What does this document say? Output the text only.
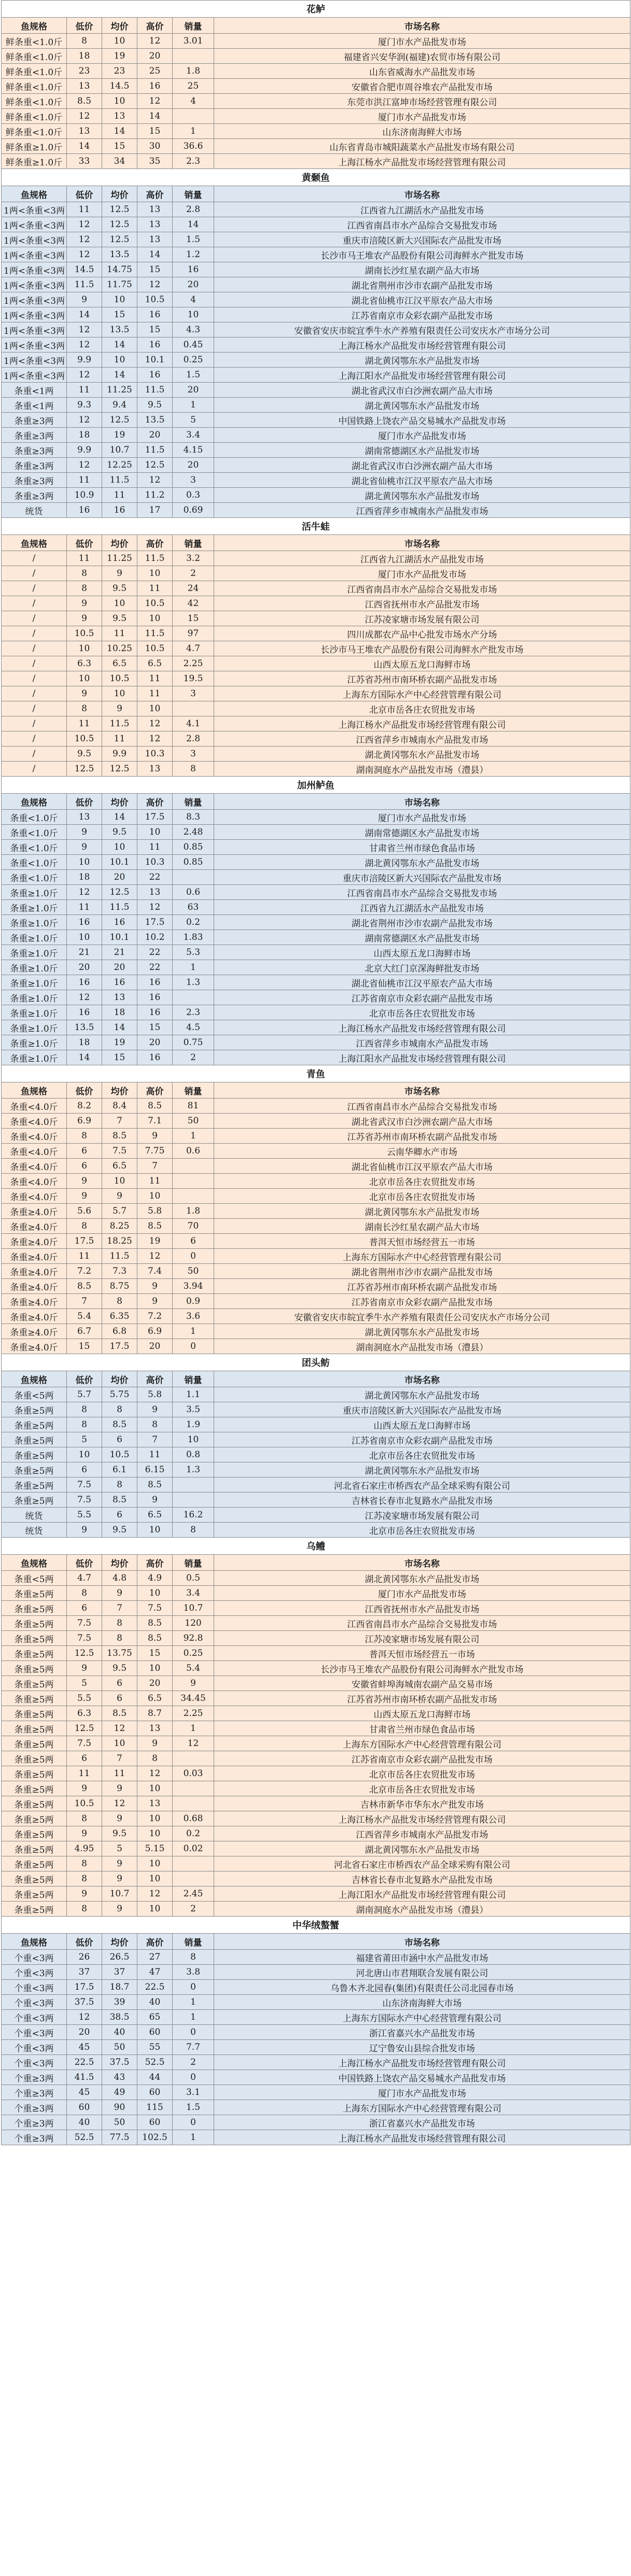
花鲈					
鱼规格	低价	均价	高价	销量	市场名称
鲜条重<1.0斤	8	10	12	3.01	厦门市水产品批发市场
鲜条重<1.0斤	18	19	20		福建省兴安华润(福建)农贸市场有限公司
鲜条重<1.0斤	23	23	25	1.8	山东省威海水产品批发市场
鲜条重<1.0斤	13	14.5	16	25	安徽省合肥市周谷堆农产品批发市场
鲜条重<1.0斤	8.5	10	12	4	东莞市洪江富坤市场经营管理有限公司
鲜条重<1.0斤	12	13	14		厦门市水产品批发市场
鲜条重<1.0斤	13	14	15	1	山东济南海鲜大市场
鲜条重≥1.0斤	14	15	30	36.6	山东省青岛市城阳蔬菜水产品批发市场有限公司
鲜条重≥1.0斤	33	34	35	2.3	上海江杨水产品批发市场经营管理有限公司
黄颡鱼					
鱼规格	低价	均价	高价	销量	市场名称
1两<条重<3两	11	12.5	13	2.8	江西省九江湖活水产品批发市场
1两<条重<3两	12	12.5	13	14	江西省南昌市水产品综合交易批发市场
1两<条重<3两	12	12.5	13	1.5	重庆市涪陵区新大兴国际农产品批发市场
1两<条重<3两	12	13.5	14	1.2	长沙市马王堆农产品股份有限公司海鲜水产批发市场
1两<条重<3两	14.5	14.75	15	16	湖南长沙红星农副产品大市场
1两<条重<3两	11.5	11.75	12	20	湖北省荆州市沙市农副产品批发市场
1两<条重<3两	9	10	10.5	4	湖北省仙桃市江汉平原农产品大市场
1两<条重<3两	14	15	16	10	江苏省南京市众彩农副产品批发市场
1两<条重<3两	12	13.5	15	4.3	安徽省安庆市皖宜季牛水产养殖有限责任公司安庆水产市场分公司
1两<条重<3两	12	14	16	0.45	上海江杨水产品批发市场经营管理有限公司
1两<条重<3两	9.9	10	10.1	0.25	湖北黄冈鄂东水产品批发市场
1两<条重<3两	12	14	16	1.5	上海江阳水产品批发市场经营管理有限公司
条重<1两	11	11.25	11.5	20	湖北省武汉市白沙洲农副产品大市场
条重<1两	9.3	9.4	9.5	1	湖北黄冈鄂东水产品批发市场
条重≥3两	12	12.5	13.5	5	中国铁路上饶农产品交易城水产品批发市场
条重≥3两	18	19	20	3.4	厦门市水产品批发市场
条重≥3两	9.9	10.7	11.5	4.15	湖南常德湖区水产品批发市场
条重≥3两	12	12.25	12.5	20	湖北省武汉市白沙洲农副产品大市场
条重≥3两	11	11.5	12	3	湖北省仙桃市江汉平原农产品大市场
条重≥3两	10.9	11	11.2	0.3	湖北黄冈鄂东水产品批发市场
统货	16	16	17	0.69	江西省萍乡市城南水产品批发市场
活牛蛙					
鱼规格	低价	均价	高价	销量	市场名称
/	11	11.25	11.5	3.2	江西省九江湖活水产品批发市场
/	8	9	10	2	厦门市水产品批发市场
/	8	9.5	11	24	江西省南昌市水产品综合交易批发市场
/	9	10	10.5	42	江西省抚州市水产品批发市场
/	9	9.5	10	15	江苏凌家塘市场发展有限公司
/	10.5	11	11.5	97	四川成都农产品中心批发市场水产分场
/	10	10.25	10.5	4.7	长沙市马王堆农产品股份有限公司海鲜水产批发市场
/	6.3	6.5	6.5	2.25	山西太原五龙口海鲜市场
/	10	10.5	11	19.5	江苏省苏州市南环桥农副产品批发市场
/	9	10	11	3	上海东方国际水产中心经营管理有限公司
/	8	9	10		北京市岳各庄农贸批发市场
/	11	11.5	12	4.1	上海江杨水产品批发市场经营管理有限公司
/	10.5	11	12	2.8	江西省萍乡市城南水产品批发市场
/	9.5	9.9	10.3	3	湖北黄冈鄂东水产品批发市场
/	12.5	12.5	13	8	湖南洞庭水产品批发市场（澧县）
加州鲈鱼					
鱼规格	低价	均价	高价	销量	市场名称
条重<1.0斤	13	14	17.5	8.3	厦门市水产品批发市场
条重<1.0斤	9	9.5	10	2.48	湖南常德湖区水产品批发市场
条重<1.0斤	9	10	11	0.85	甘肃省兰州市绿色食品市场
条重<1.0斤	10	10.1	10.3	0.85	湖北黄冈鄂东水产品批发市场
条重<1.0斤	18	20	22		重庆市涪陵区新大兴国际农产品批发市场
条重≥1.0斤	12	12.5	13	0.6	江西省南昌市水产品综合交易批发市场
条重≥1.0斤	11	11.5	12	63	江西省九江湖活水产品批发市场
条重≥1.0斤	16	16	17.5	0.2	湖北省荆州市沙市农副产品批发市场
条重≥1.0斤	10	10.1	10.2	1.83	湖南常德湖区水产品批发市场
条重≥1.0斤	21	21	22	5.3	山西太原五龙口海鲜市场
条重≥1.0斤	20	20	22	1	北京大红门京深海鲜批发市场
条重≥1.0斤	16	16	16	1.3	湖北省仙桃市江汉平原农产品大市场
条重≥1.0斤	12	13	16		江苏省南京市众彩农副产品批发市场
条重≥1.0斤	16	18	16	2.3	北京市岳各庄农贸批发市场
条重≥1.0斤	13.5	14	15	4.5	上海江杨水产品批发市场经营管理有限公司
条重≥1.0斤	18	19	20	0.75	江西省萍乡市城南水产品批发市场
条重≥1.0斤	14	15	16	2	上海江阳水产品批发市场经营管理有限公司
青鱼					
鱼规格	低价	均价	高价	销量	市场名称
条重<4.0斤	8.2	8.4	8.5	81	江西省南昌市水产品综合交易批发市场
条重<4.0斤	6.9	7	7.1	50	湖北省武汉市白沙洲农副产品大市场
条重<4.0斤	8	8.5	9	1	江苏省苏州市南环桥农副产品批发市场
条重<4.0斤	6	7.5	7.75	0.6	云南华卿水产市场
条重<4.0斤	6	6.5	7		湖北省仙桃市江汉平原农产品大市场
条重<4.0斤	9	10	11		北京市岳各庄农贸批发市场
条重<4.0斤	9	9	10		北京市岳各庄农贸批发市场
条重≥4.0斤	5.6	5.7	5.8	1.8	湖北黄冈鄂东水产品批发市场
条重≥4.0斤	8	8.25	8.5	70	湖南长沙红星农副产品大市场
条重≥4.0斤	17.5	18.25	19	6	普洱天恒市场经营五一市场
条重≥4.0斤	11	11.5	12	0	上海东方国际水产中心经营管理有限公司
条重≥4.0斤	7.2	7.3	7.4	50	湖北省荆州市沙市农副产品批发市场
条重≥4.0斤	8.5	8.75	9	3.94	江苏省苏州市南环桥农副产品批发市场
条重≥4.0斤	7	8	9	0.9	江苏省南京市众彩农副产品批发市场
条重≥4.0斤	5.4	6.35	7.2	3.6	安徽省安庆市皖宜季牛水产养殖有限责任公司安庆水产市场分公司
条重≥4.0斤	6.7	6.8	6.9	1	湖北黄冈鄂东水产品批发市场
条重≥4.0斤	15	17.5	20	0	湖南洞庭水产品批发市场（澧县）
团头鲂					
鱼规格	低价	均价	高价	销量	市场名称
条重<5两	5.7	5.75	5.8	1.1	湖北黄冈鄂东水产品批发市场
条重≥5两	8	8	9	3.5	重庆市涪陵区新大兴国际农产品批发市场
条重≥5两	8	8.5	8	1.9	山西太原五龙口海鲜市场
条重≥5两	5	6	7	10	江苏省南京市众彩农副产品批发市场
条重≥5两	10	10.5	11	0.8	北京市岳各庄农贸批发市场
条重≥5两	6	6.1	6.15	1.3	湖北黄冈鄂东水产品批发市场
条重≥5两	7.5	8	8.5		河北省石家庄市桥西农产品全球采购有限公司
条重≥5两	7.5	8.5	9		吉林省长春市北复路水产品批发市场
统货	5.5	6	6.5	16.2	江苏凌家塘市场发展有限公司
统货	9	9.5	10	8	北京市岳各庄农贸批发市场
乌鳢					
鱼规格	低价	均价	高价	销量	市场名称
条重<5两	4.7	4.8	4.9	0.5	湖北黄冈鄂东水产品批发市场
条重≥5两	8	9	10	3.4	厦门市水产品批发市场
条重≥5两	6	7	7.5	10.7	江西省抚州市水产品批发市场
条重≥5两	7.5	8	8.5	120	江西省南昌市水产品综合交易批发市场
条重≥5两	7.5	8	8.5	92.8	江苏凌家塘市场发展有限公司
条重≥5两	12.5	13.75	15	0.25	普洱天恒市场经营五一市场
条重≥5两	9	9.5	10	5.4	长沙市马王堆农产品股份有限公司海鲜水产批发市场
条重≥5两	5	6	20	9	安徽省蚌埠海城南农副产品交易市场
条重≥5两	5.5	6	6.5	34.45	江苏省苏州市南环桥农副产品批发市场
条重≥5两	6.3	8.5	8.7	2.25	山西太原五龙口海鲜市场
条重≥5两	12.5	12	13	1	甘肃省兰州市绿色食品市场
条重≥5两	7.5	10	9	12	上海东方国际水产中心经营管理有限公司
条重≥5两	6	7	8		江苏省南京市众彩农副产品批发市场
条重≥5两	11	11	12	0.03	北京市岳各庄农贸批发市场
条重≥5两	9	9	10		北京市岳各庄农贸批发市场
条重≥5两	10.5	12	13		吉林市新华市华东水产批发市场
条重≥5两	8	9	10	0.68	上海江杨水产品批发市场经营管理有限公司
条重≥5两	9	9.5	10	0.2	江西省萍乡市城南水产品批发市场
条重≥5两	4.95	5	5.15	0.02	湖北黄冈鄂东水产品批发市场
条重≥5两	8	9	10		河北省石家庄市桥西农产品全球采购有限公司
条重≥5两	8	9	10		吉林省长春市北复路水产品批发市场
条重≥5两	9	10.7	12	2.45	上海江阳水产品批发市场经营管理有限公司
条重≥5两	8	9	10	2	湖南洞庭水产品批发市场（澧县）
中华绒螯蟹					
鱼规格	低价	均价	高价	销量	市场名称
个重<3两	26	26.5	27	8	福建省莆田市涵中水产品批发市场
个重<3两	37	37	47	3.8	河北唐山市君翔联合发展有限公司
个重<3两	17.5	18.7	22.5	0	乌鲁木齐北园春(集团)有限责任公司北园春市场
个重<3两	37.5	39	40	1	山东济南海鲜大市场
个重<3两	12	38.5	65	1	上海东方国际水产中心经营管理有限公司
个重<3两	20	40	60	0	浙江省嘉兴水产品批发市场
个重<3两	45	50	55	7.7	辽宁鲁安山县综合批发市场
个重<3两	22.5	37.5	52.5	2	上海江杨水产品批发市场经营管理有限公司
个重≥3两	41.5	43	44	0	中国铁路上饶农产品交易城水产品批发市场
个重≥3两	45	49	60	3.1	厦门市水产品批发市场
个重≥3两	60	90	115	1.5	上海东方国际水产中心经营管理有限公司
个重≥3两	40	50	60	0	浙江省嘉兴水产品批发市场
个重≥3两	52.5	77.5	102.5	1	上海江杨水产品批发市场经营管理有限公司
